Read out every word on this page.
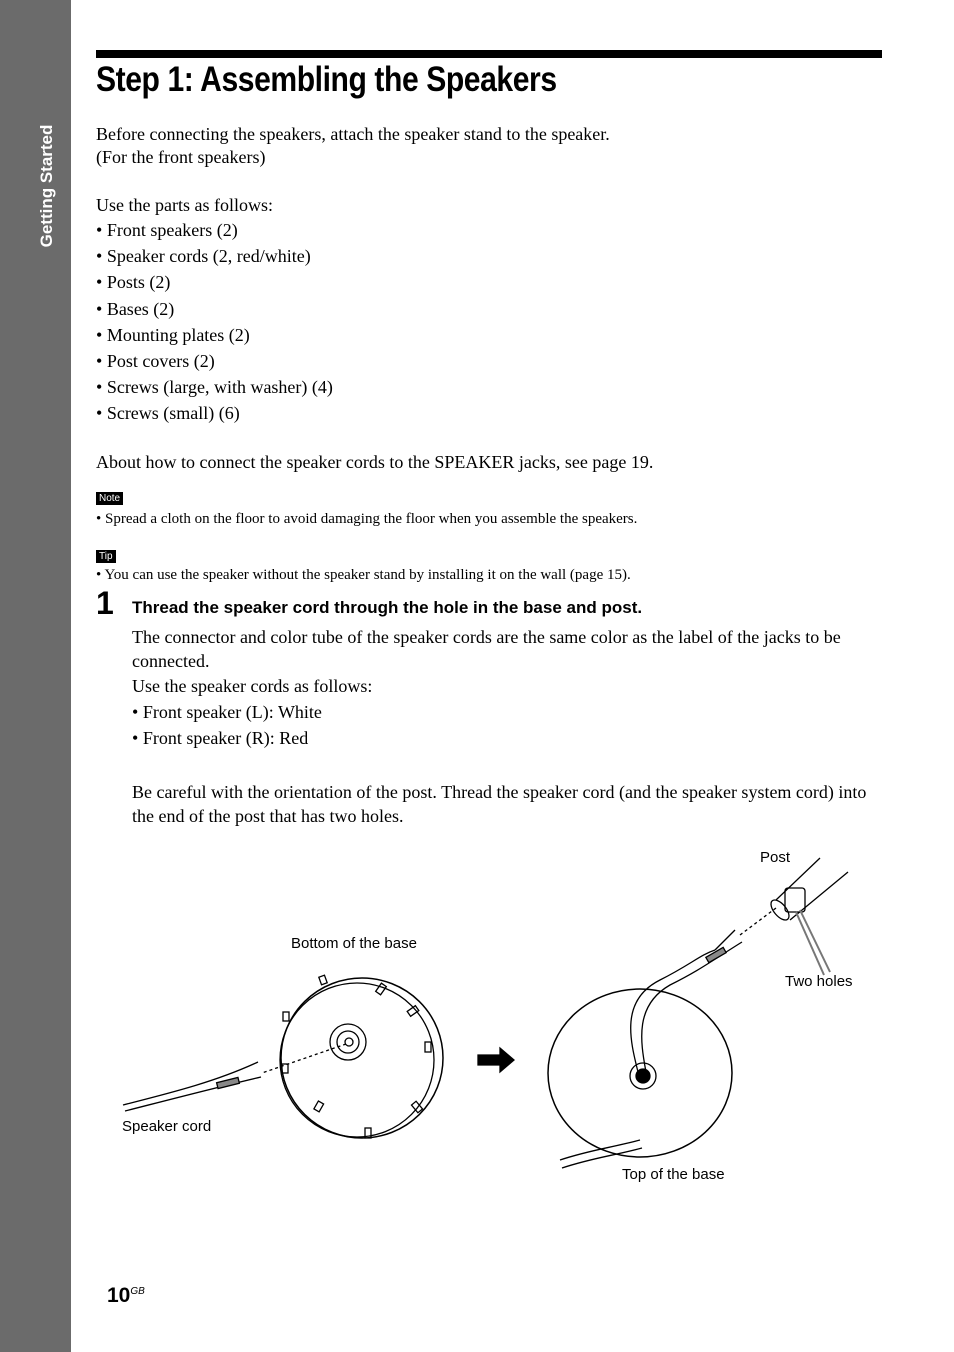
Getting Started
Step 1: Assembling the Speakers

Before connecting the speakers, attach the speaker stand to the speaker.

(For the front speakers)

Use the parts as follows:

• Front speakers (2)
• Speaker cords (2, red/white)
• Posts (2)
• Bases (2)
• Mounting plates (2)
• Post covers (2)
• Screws (large, with washer) (4)
• Screws (small) (6)

About how to connect the speaker cords to the SPEAKER jacks, see page 19.

Note
• Spread a cloth on the floor to avoid damaging the floor when you assemble the speakers.
Tip
• You can use the speaker without the speaker stand by installing it on the wall (page 15).
1 Thread the speaker cord through the hole in the base and post.

The connector and color tube of the speaker cords are the same color as the label of the jacks to be connected.

Use the speaker cords as follows:

• Front speaker (L): White
• Front speaker (R): Red

Be careful with the orientation of the post. Thread the speaker cord (and the speaker system cord) into the end of the post that has two holes.

Bottom of the base
Speaker cord
Top of the base
Post
Two holes
$10^{GB}$
